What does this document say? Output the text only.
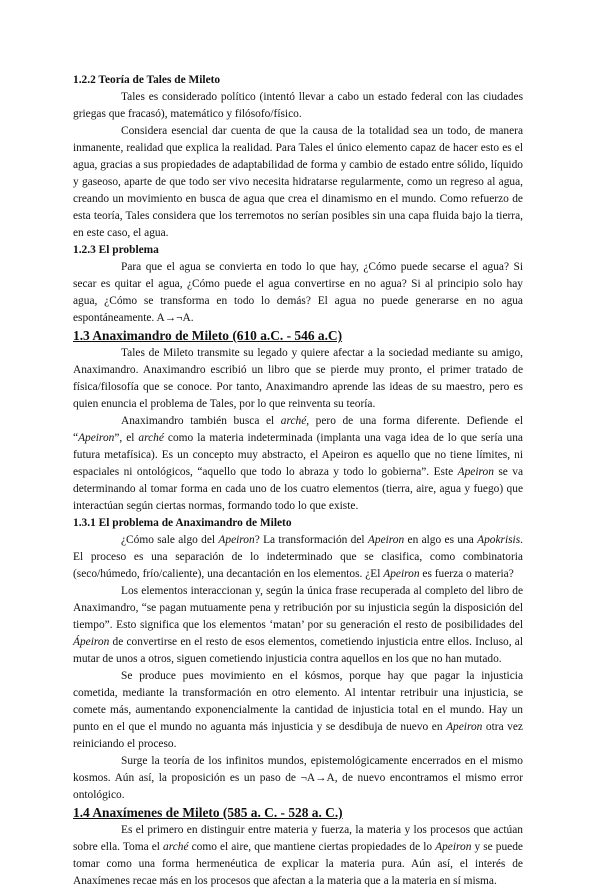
1.2.2 Teoría de Tales de Mileto

Tales es considerado político (intentó llevar a cabo un estado federal con las ciudades griegas que fracasó), matemático y filósofo/físico.

Considera esencial dar cuenta de que la causa de la totalidad sea un todo, de manera inmanente, realidad que explica la realidad. Para Tales el único elemento capaz de hacer esto es el agua, gracias a sus propiedades de adaptabilidad de forma y cambio de estado entre sólido, líquido y gaseoso, aparte de que todo ser vivo necesita hidratarse regularmente, como un regreso al agua, creando un movimiento en busca de agua que crea el dinamismo en el mundo. Como refuerzo de esta teoría, Tales considera que los terremotos no serían posibles sin una capa fluida bajo la tierra, en este caso, el agua.

1.2.3 El problema

Para que el agua se convierta en todo lo que hay, ¿Cómo puede secarse el agua? Si secar es quitar el agua, ¿Cómo puede el agua convertirse en no agua? Si al principio solo hay agua, ¿Cómo se transforma en todo lo demás? El agua no puede generarse en no agua espontáneamente. A→¬A.

1.3 Anaximandro de Mileto (610 a.C. - 546 a.C)

Tales de Mileto transmite su legado y quiere afectar a la sociedad mediante su amigo, Anaximandro. Anaximandro escribió un libro que se pierde muy pronto, el primer tratado de física/filosofía que se conoce. Por tanto, Anaximandro aprende las ideas de su maestro, pero es quien enuncia el problema de Tales, por lo que reinventa su teoría.

Anaximandro también busca el arché, pero de una forma diferente. Defiende el “Apeiron”, el arché como la materia indeterminada (implanta una vaga idea de lo que sería una futura metafísica). Es un concepto muy abstracto, el Apeiron es aquello que no tiene límites, ni espaciales ni ontológicos, “aquello que todo lo abraza y todo lo gobierna”. Este Apeiron se va determinando al tomar forma en cada uno de los cuatro elementos (tierra, aire, agua y fuego) que interactúan según ciertas normas, formando todo lo que existe.

1.3.1 El problema de Anaximandro de Mileto

¿Cómo sale algo del Apeiron? La transformación del Apeiron en algo es una Apokrisis. El proceso es una separación de lo indeterminado que se clasifica, como combinatoria (seco/húmedo, frío/caliente), una decantación en los elementos. ¿El Apeiron es fuerza o materia?

Los elementos interaccionan y, según la única frase recuperada al completo del libro de Anaximandro, “se pagan mutuamente pena y retribución por su injusticia según la disposición del tiempo”. Esto significa que los elementos ‘matan’ por su generación el resto de posibilidades del Ápeiron de convertirse en el resto de esos elementos, cometiendo injusticia entre ellos. Incluso, al mutar de unos a otros, siguen cometiendo injusticia contra aquellos en los que no han mutado.

Se produce pues movimiento en el kósmos, porque hay que pagar la injusticia cometida, mediante la transformación en otro elemento. Al intentar retribuir una injusticia, se comete más, aumentando exponencialmente la cantidad de injusticia total en el mundo. Hay un punto en el que el mundo no aguanta más injusticia y se desdibuja de nuevo en Apeiron otra vez reiniciando el proceso.

Surge la teoría de los infinitos mundos, epistemológicamente encerrados en el mismo kosmos. Aún así, la proposición es un paso de ¬A→A, de nuevo encontramos el mismo error ontológico.

1.4 Anaxímenes de Mileto (585 a. C. - 528 a. C.)

Es el primero en distinguir entre materia y fuerza, la materia y los procesos que actúan sobre ella. Toma el arché como el aire, que mantiene ciertas propiedades de lo Apeiron y se puede tomar como una forma hermenéutica de explicar la materia pura. Aún así, el interés de Anaxímenes recae más en los procesos que afectan a la materia que a la materia en sí misma.
